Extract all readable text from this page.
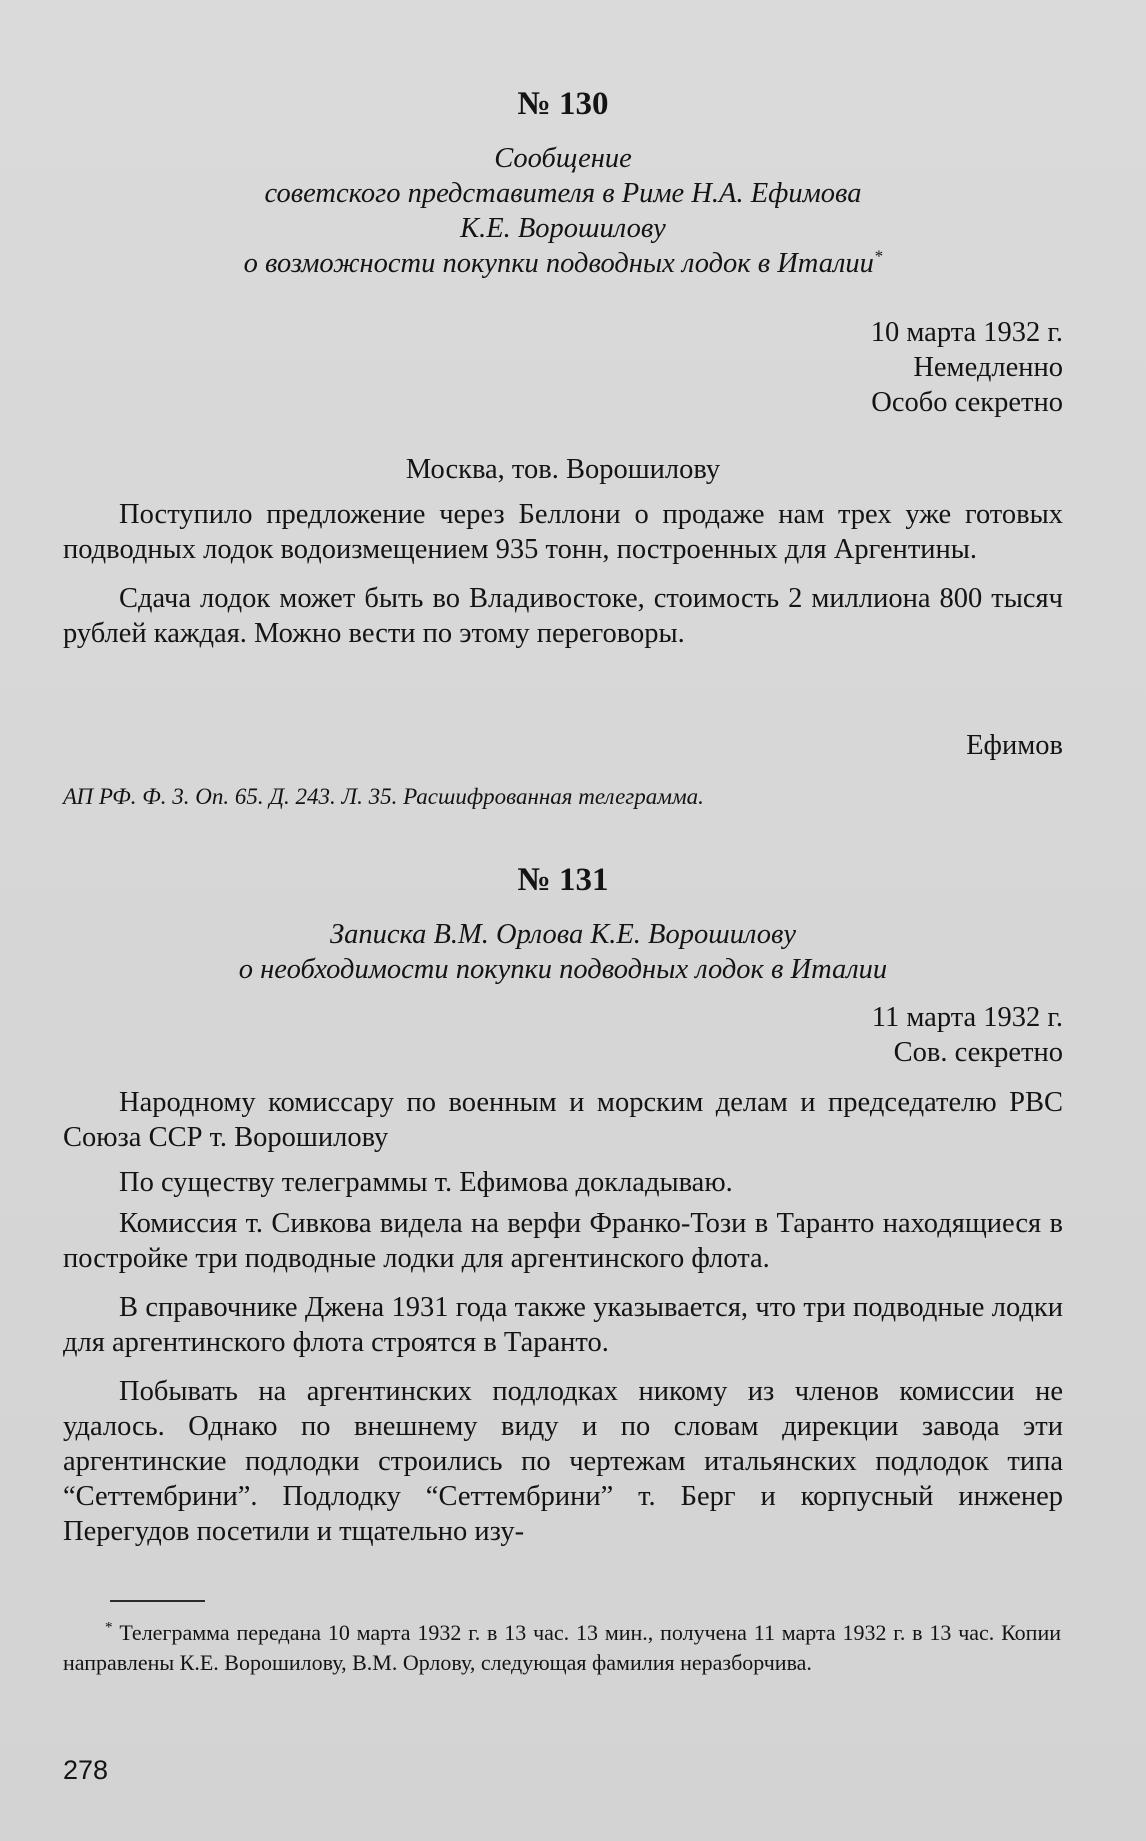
№ 130
Сообщение
советского представителя в Риме Н.А. Ефимова
К.Е. Ворошилову
о возможности покупки подводных лодок в Италии*
10 марта 1932 г.
Немедленно
Особо секретно
Москва, тов. Ворошилову

Поступило предложение через Беллони о продаже нам трех уже готовых подводных лодок водоизмещением 935 тонн, построенных для Аргентины.

Сдача лодок может быть во Владивостоке, стоимость 2 миллиона 800 тысяч рублей каждая. Можно вести по этому переговоры.

Ефимов
АП РФ. Ф. 3. Оп. 65. Д. 243. Л. 35. Расшифрованная телеграмма.
№ 131
Записка В.М. Орлова К.Е. Ворошилову
о необходимости покупки подводных лодок в Италии
11 марта 1932 г.
Сов. секретно

Народному комиссару по военным и морским делам и председателю РВС Союза ССР т. Ворошилову

По существу телеграммы т. Ефимова докладываю.

Комиссия т. Сивкова видела на верфи Франко-Този в Таранто находящиеся в постройке три подводные лодки для аргентинского флота.

В справочнике Джена 1931 года также указывается, что три подводные лодки для аргентинского флота строятся в Таранто.

Побывать на аргентинских подлодках никому из членов комиссии не удалось. Однако по внешнему виду и по словам дирекции завода эти аргентинские подлодки строились по чертежам итальянских подлодок типа “Сеттембрини”. Подлодку “Сеттембрини” т. Берг и корпусный инженер Перегудов посетили и тщательно изу-

* Телеграмма передана 10 марта 1932 г. в 13 час. 13 мин., получена 11 марта 1932 г. в 13 час. Копии направлены К.Е. Ворошилову, В.М. Орлову, следующая фамилия неразборчива.
278
